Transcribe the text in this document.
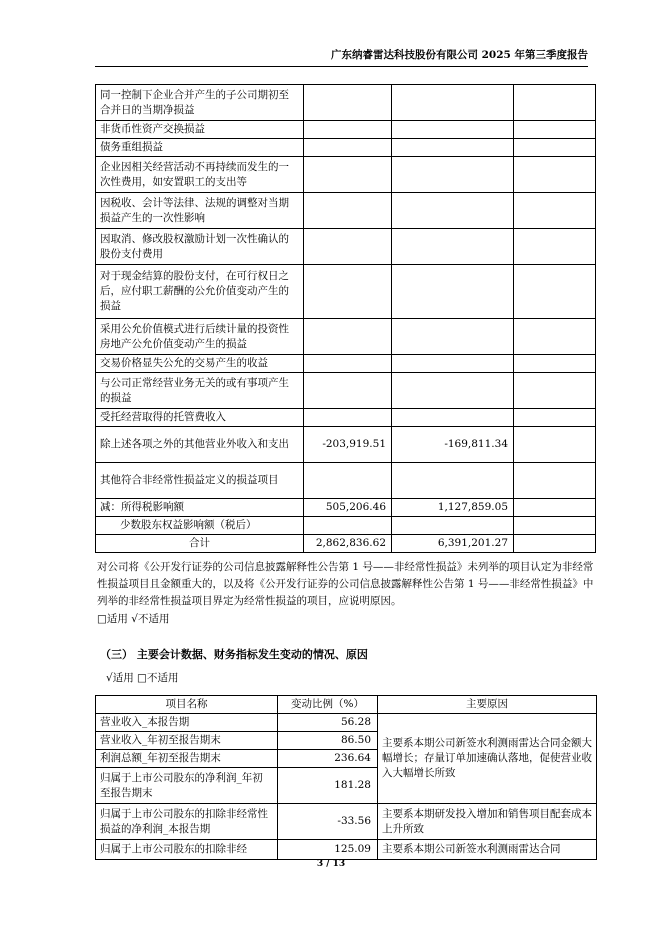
广东纳睿雷达科技股份有限公司 2025 年第三季度报告
同一控制下企业合并产生的子公司期初至合并日的当期净损益			
非货币性资产交换损益			
债务重组损益			
企业因相关经营活动不再持续而发生的一次性费用，如安置职工的支出等			
因税收、会计等法律、法规的调整对当期损益产生的一次性影响			
因取消、修改股权激励计划一次性确认的股份支付费用			
对于现金结算的股份支付，在可行权日之后，应付职工薪酬的公允价值变动产生的损益			
采用公允价值模式进行后续计量的投资性房地产公允价值变动产生的损益			
交易价格显失公允的交易产生的收益			
与公司正常经营业务无关的或有事项产生的损益			
受托经营取得的托管费收入			
除上述各项之外的其他营业外收入和支出	-203,919.51	-169,811.34	
其他符合非经常性损益定义的损益项目			
减：所得税影响额	505,206.46	1,127,859.05	
少数股东权益影响额（税后）			
合计	2,862,836.62	6,391,201.27	

对公司将《公开发行证券的公司信息披露解释性公告第 1 号——非经常性损益》未列举的项目认定为非经常性损益项目且金额重大的，以及将《公开发行证券的公司信息披露解释性公告第 1 号——非经常性损益》中列举的非经常性损益项目界定为经常性损益的项目，应说明原因。

□适用 √不适用
（三） 主要会计数据、财务指标发生变动的情况、原因
√适用 □不适用
项目名称	变动比例（%）	主要原因
营业收入_本报告期	56.28	主要系本期公司新签水利测雨雷达合同金额大幅增长；存量订单加速确认落地，促使营业收入大幅增长所致
营业收入_年初至报告期末	86.50	
利润总额_年初至报告期末	236.64	
归属于上市公司股东的净利润_年初至报告期末	181.28	
归属于上市公司股东的扣除非经常性损益的净利润_本报告期	-33.56	主要系本期研发投入增加和销售项目配套成本上升所致
归属于上市公司股东的扣除非经	125.09	主要系本期公司新签水利测雨雷达合同
3 / 13
